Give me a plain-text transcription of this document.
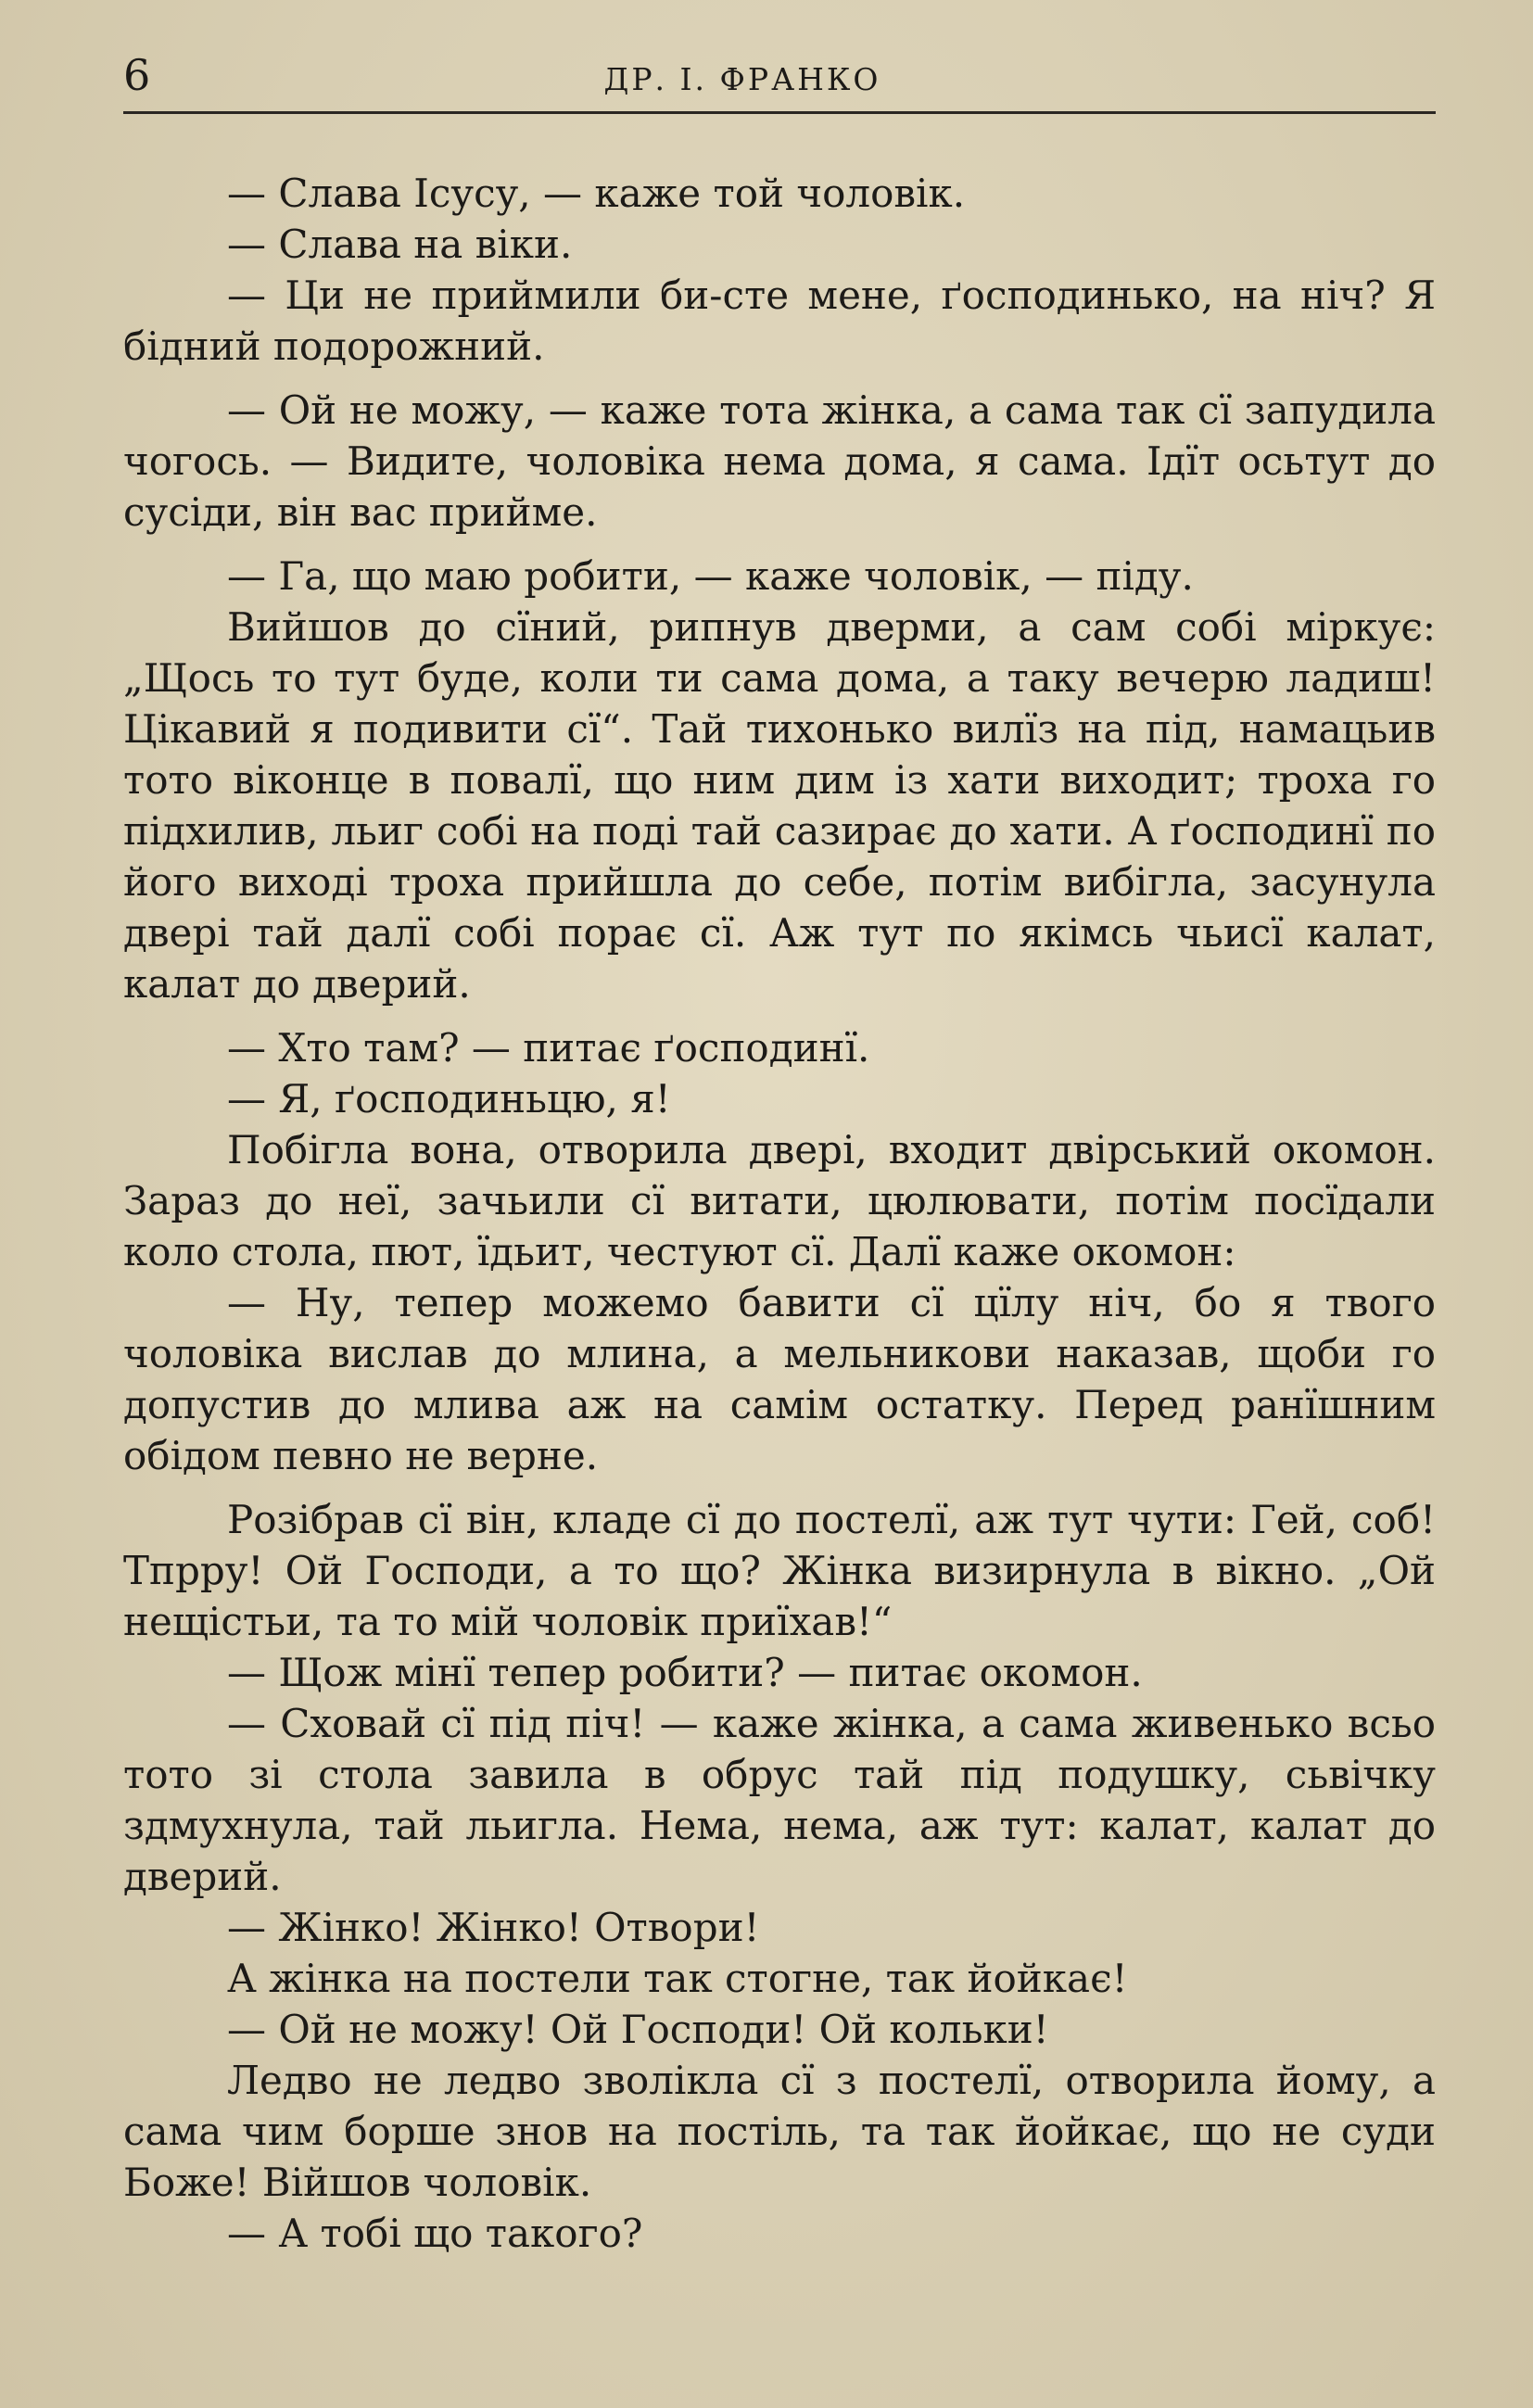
6	ДР. І. ФРАНКО

— Слава Ісусу, — каже той чоловік.

— Слава на віки.

— Ци не приймили би-сте мене, ґосподинько, на ніч? Я бідний подорожний.

— Ой не можу, — каже тота жінка, а сама так сї запудила чогось. — Видите, чоловіка нема дома, я сама. Ідїт осьтут до сусіди, він вас прийме.

— Га, що маю робити, — каже чоловік, — піду.

Вийшов до сїний, рипнув дверми, а сам собі міркує: „Щось то тут буде, коли ти сама дома, а таку вечерю ладиш! Цікавий я подивити сї“. Тай тихонько вилїз на під, намацьив тото віконце в повалї, що ним дим із хати виходит; троха го підхилив, льиг собі на поді тай сазирає до хати. А ґосподинї по його виході троха прийшла до себе, потім вибігла, засунула двері тай далї собі порає сї. Аж тут по якімсь чьисї калат, калат до дверий.

— Хто там? — питає ґосподинї.

— Я, ґосподиньцю, я!

Побігла вона, отворила двері, входит двірський окомон. Зараз до неї, зачьили сї витати, цюлювати, потім посїдали коло стола, пют, їдьит, честуют сї. Далї каже окомон:

— Ну, тепер можемо бавити сї цїлу ніч, бо я твого чоловіка вислав до млина, а мельникови наказав, щоби го допустив до млива аж на самім остатку. Перед ранїшним обідом певно не верне.

Розібрав сї він, кладе сї до постелї, аж тут чути: Гей, соб! Тпрру! Ой Господи, а то що? Жінка визирнула в вікно. „Ой нещістьи, та то мій чоловік приїхав!“

— Щож мінї тепер робити? — питає окомон.

— Сховай сї під піч! — каже жінка, а сама живенько всьо тото зі стола завила в обрус тай під подушку, сьвічку здмухнула, тай льигла. Нема, нема, аж тут: калат, калат до дверий.

— Жінко! Жінко! Отвори!

А жінка на постели так стогне, так йойкає!

— Ой не можу! Ой Господи! Ой кольки!

Ледво не ледво зволікла сї з постелї, отворила йому, а сама чим борше знов на постіль, та так йойкає, що не суди Боже! Війшов чоловік.

— А тобі що такого?
